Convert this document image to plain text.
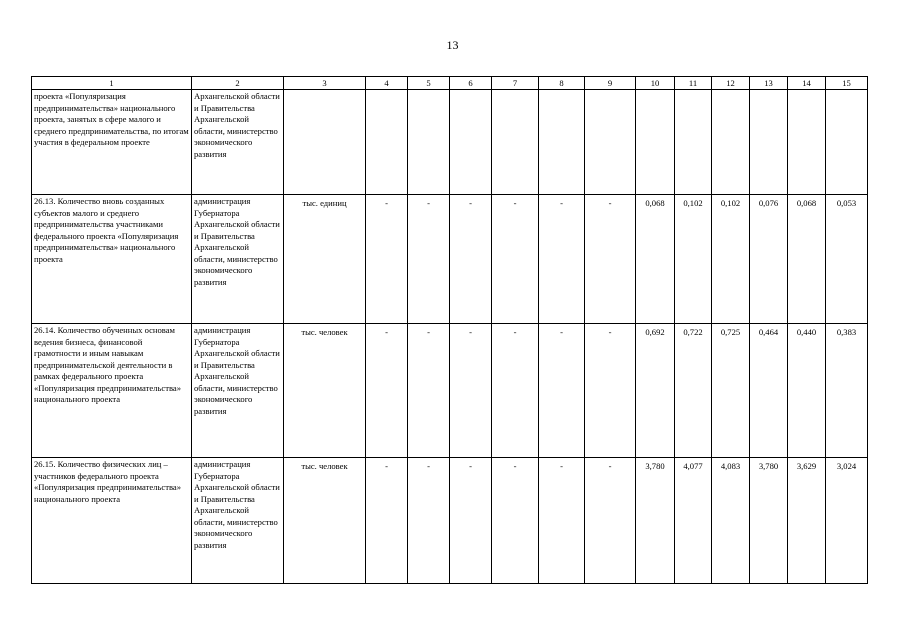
13
1	2	3	4	5	6	7	8	9	10	11	12	13	14	15
проекта «Популяризация предпринимательства» национального проекта, занятых в сфере малого и среднего предпринимательства, по итогам участия в федеральном проекте	Архангельской области и Правительства Архангельской области, министерство экономического развития													
26.13. Количество вновь созданных субъектов малого и среднего предпринимательства участниками федерального проекта «Популяризация предпринимательства» национального проекта	администрация Губернатора Архангельской области и Правительства Архангельской области, министерство экономического развития	тыс. единиц	-	-	-	-	-	-	0,068	0,102	0,102	0,076	0,068	0,053
26.14. Количество обученных основам ведения бизнеса, финансовой грамотности и иным навыкам предпринимательской деятельности в рамках федерального проекта «Популяризация предпринимательства» национального проекта	администрация Губернатора Архангельской области и Правительства Архангельской области, министерство экономического развития	тыс. человек	-	-	-	-	-	-	0,692	0,722	0,725	0,464	0,440	0,383
26.15. Количество физических лиц – участников федерального проекта «Популяризация предпринимательства» национального проекта	администрация Губернатора Архангельской области и Правительства Архангельской области, министерство экономического развития	тыс. человек	-	-	-	-	-	-	3,780	4,077	4,083	3,780	3,629	3,024
